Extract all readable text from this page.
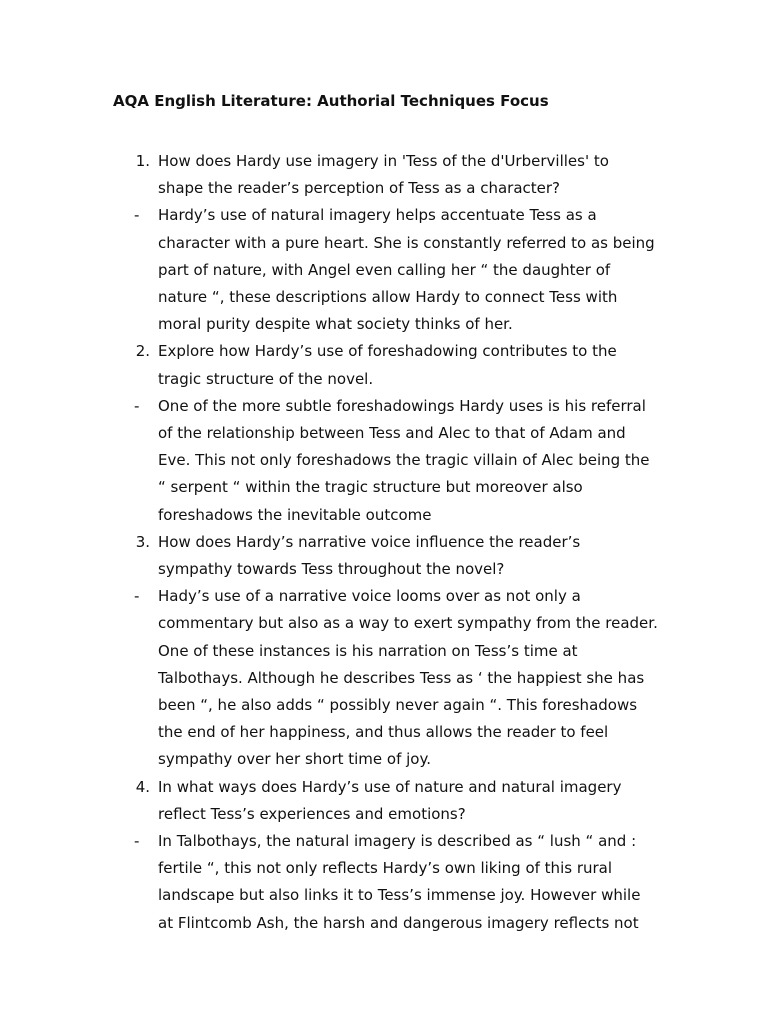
AQA English Literature: Authorial Techniques Focus
1. How does Hardy use imagery in 'Tess of the d'Urbervilles' to shape the reader’s perception of Tess as a character?
-	Hardy’s use of natural imagery helps accentuate Tess as a character with a pure heart. She is constantly referred to as being part of nature, with Angel even calling her “ the daughter of nature “, these descriptions allow Hardy to connect Tess with moral purity despite what society thinks of her.
2. Explore how Hardy’s use of foreshadowing contributes to the tragic structure of the novel.
-	One of the more subtle foreshadowings Hardy uses is his referral of the relationship between Tess and Alec to that of Adam and Eve. This not only foreshadows the tragic villain of Alec being the “ serpent “ within the tragic structure but moreover also foreshadows the inevitable outcome
3. How does Hardy’s narrative voice influence the reader’s sympathy towards Tess throughout the novel?
-	Hady’s use of a narrative voice looms over as not only a commentary but also as a way to exert sympathy from the reader. One of these instances is his narration on Tess’s time at Talbothays. Although he describes Tess as ‘ the happiest she has been “, he also adds “ possibly never again “. This foreshadows the end of her happiness, and thus allows the reader to feel sympathy over her short time of joy.
4. In what ways does Hardy’s use of nature and natural imagery reflect Tess’s experiences and emotions?
-	In Talbothays, the natural imagery is described as “ lush “ and : fertile “, this not only reflects Hardy’s own liking of this rural landscape but also links it to Tess’s immense joy. However while at Flintcomb Ash, the harsh and dangerous imagery reflects not
